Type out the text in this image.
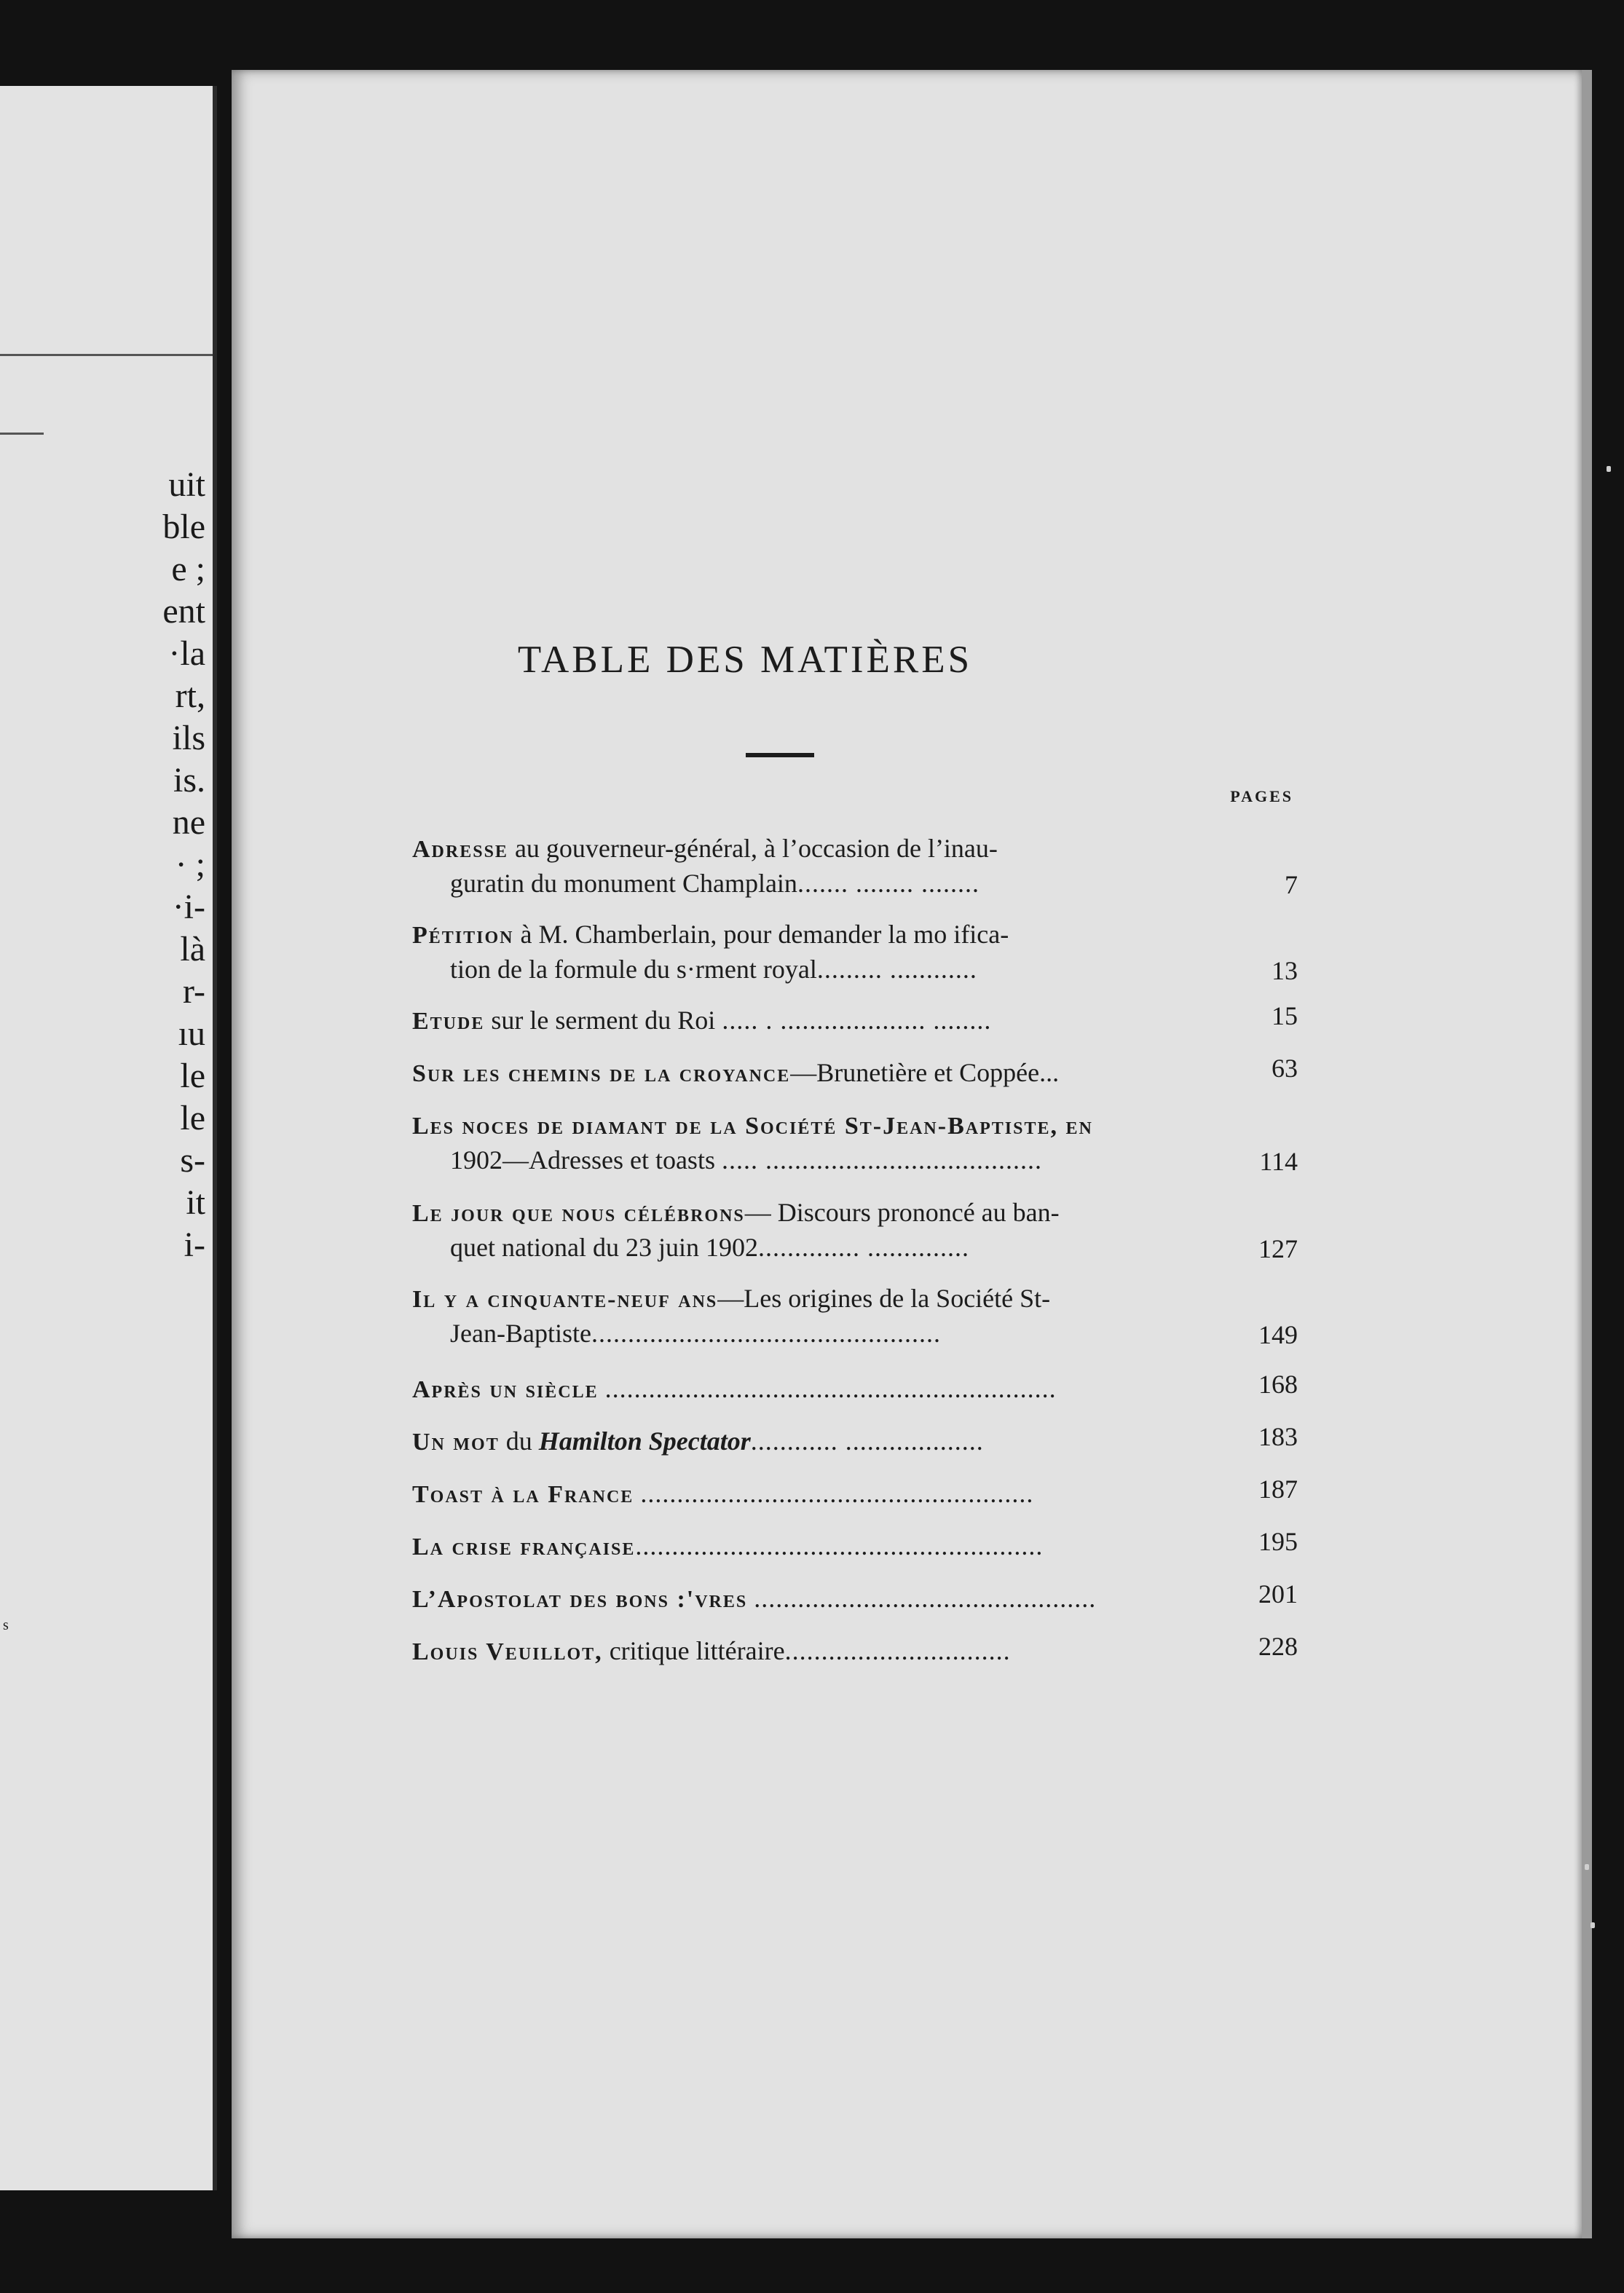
uit
ble
e ;
ent
·la
rt,
ils
is.
ne
· ;
·i-
là
r-
ıu
le
le
s-
it
i-
s
TABLE DES MATIÈRES
PAGES
Adresse au gouverneur-général, à l’occasion de l’inau-
guratin du monument Champlain....... ........ ........	7
Pétition à M. Chamberlain, pour demander la mo ifica-
tion de la formule du s·rment royal......... ............	13
Etude sur le serment du Roi ..... . .................... ........	15
Sur les chemins de la croyance—Brunetière et Coppée...	63
Les noces de diamant de la Société St-Jean-Baptiste, en
1902—Adresses et toasts ..... ......................................	114
Le jour que nous célébrons— Discours prononcé au ban-
quet national du 23 juin 1902.............. ..............	127
Il y a cinquante-neuf ans—Les origines de la Société St-
Jean-Baptiste................................................	149
Après un siècle ..............................................................	168
Un mot du Hamilton Spectator............ ...................	183
Toast à la France ......................................................	187
La crise française........................................................	195
L’Apostolat des bons :'vres ...............................................	201
Louis Veuillot, critique littéraire...............................	228
